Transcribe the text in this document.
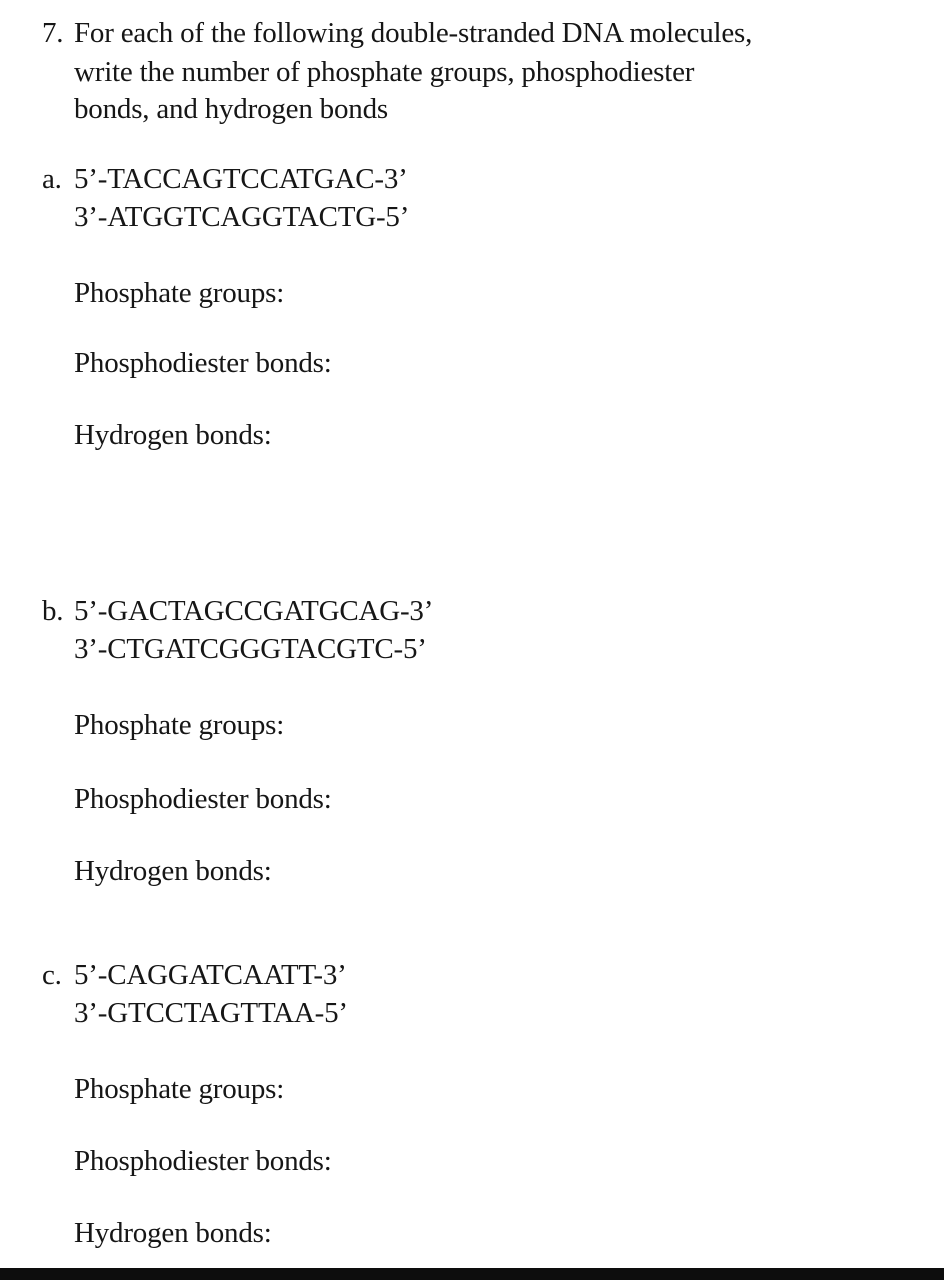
7. For each of the following double-stranded DNA molecules,
write the number of phosphate groups, phosphodiester
bonds, and hydrogen bonds
a. 5’-TACCAGTCCATGAC-3’
3’-ATGGTCAGGTACTG-5’
Phosphate groups:
Phosphodiester bonds:
Hydrogen bonds:
b. 5’-GACTAGCCGATGCAG-3’
3’-CTGATCGGGTACGTC-5’
Phosphate groups:
Phosphodiester bonds:
Hydrogen bonds:
c. 5’-CAGGATCAATT-3’
3’-GTCCTAGTTAA-5’
Phosphate groups:
Phosphodiester bonds:
Hydrogen bonds:
